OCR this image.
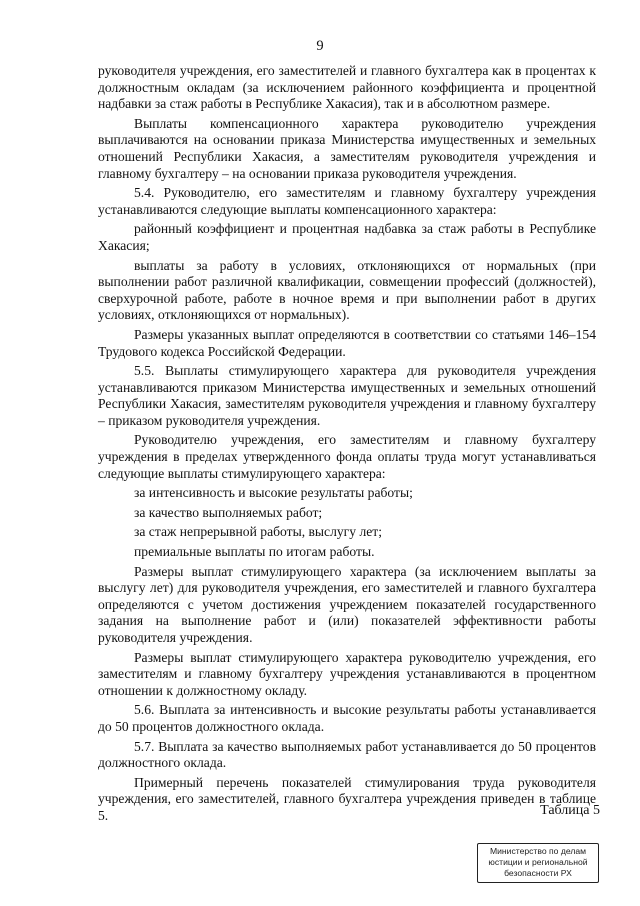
9

руководителя учреждения, его заместителей и главного бухгалтера как в процентах к должностным окладам (за исключением районного коэффициента и процентной надбавки за стаж работы в Республике Хакасия), так и в абсолютном размере.

Выплаты компенсационного характера руководителю учреждения выплачиваются на основании приказа Министерства имущественных и земельных отношений Республики Хакасия, а заместителям руководителя учреждения и главному бухгалтеру – на основании приказа руководителя учреждения.

5.4. Руководителю, его заместителям и главному бухгалтеру учреждения устанавливаются следующие выплаты компенсационного характера:

районный коэффициент и процентная надбавка за стаж работы в Республике Хакасия;

выплаты за работу в условиях, отклоняющихся от нормальных (при выполнении работ различной квалификации, совмещении профессий (должностей), сверхурочной работе, работе в ночное время и при выполнении работ в других условиях, отклоняющихся от нормальных).

Размеры указанных выплат определяются в соответствии со статьями 146–154 Трудового кодекса Российской Федерации.

5.5. Выплаты стимулирующего характера для руководителя учреждения устанавливаются приказом Министерства имущественных и земельных отношений Республики Хакасия, заместителям руководителя учреждения и главному бухгалтеру – приказом руководителя учреждения.

Руководителю учреждения, его заместителям и главному бухгалтеру учреждения в пределах утвержденного фонда оплаты труда могут устанавливаться следующие выплаты стимулирующего характера:

за интенсивность и высокие результаты работы;

за качество выполняемых работ;

за стаж непрерывной работы, выслугу лет;

премиальные выплаты по итогам работы.

Размеры выплат стимулирующего характера (за исключением выплаты за выслугу лет) для руководителя учреждения, его заместителей и главного бухгалтера определяются с учетом достижения учреждением показателей государственного задания на выполнение работ и (или) показателей эффективности работы руководителя учреждения.

Размеры выплат стимулирующего характера руководителю учреждения, его заместителям и главному бухгалтеру учреждения устанавливаются в процентном отношении к должностному окладу.

5.6. Выплата за интенсивность и высокие результаты работы устанавливается до 50 процентов должностного оклада.

5.7. Выплата за качество выполняемых работ устанавливается до 50 процентов должностного оклада.

Примерный перечень показателей стимулирования труда руководителя учреждения, его заместителей, главного бухгалтера учреждения приведен в таблице 5.	Таблица 5
Министерство по делам
юстиции и региональной
безопасности РХ
